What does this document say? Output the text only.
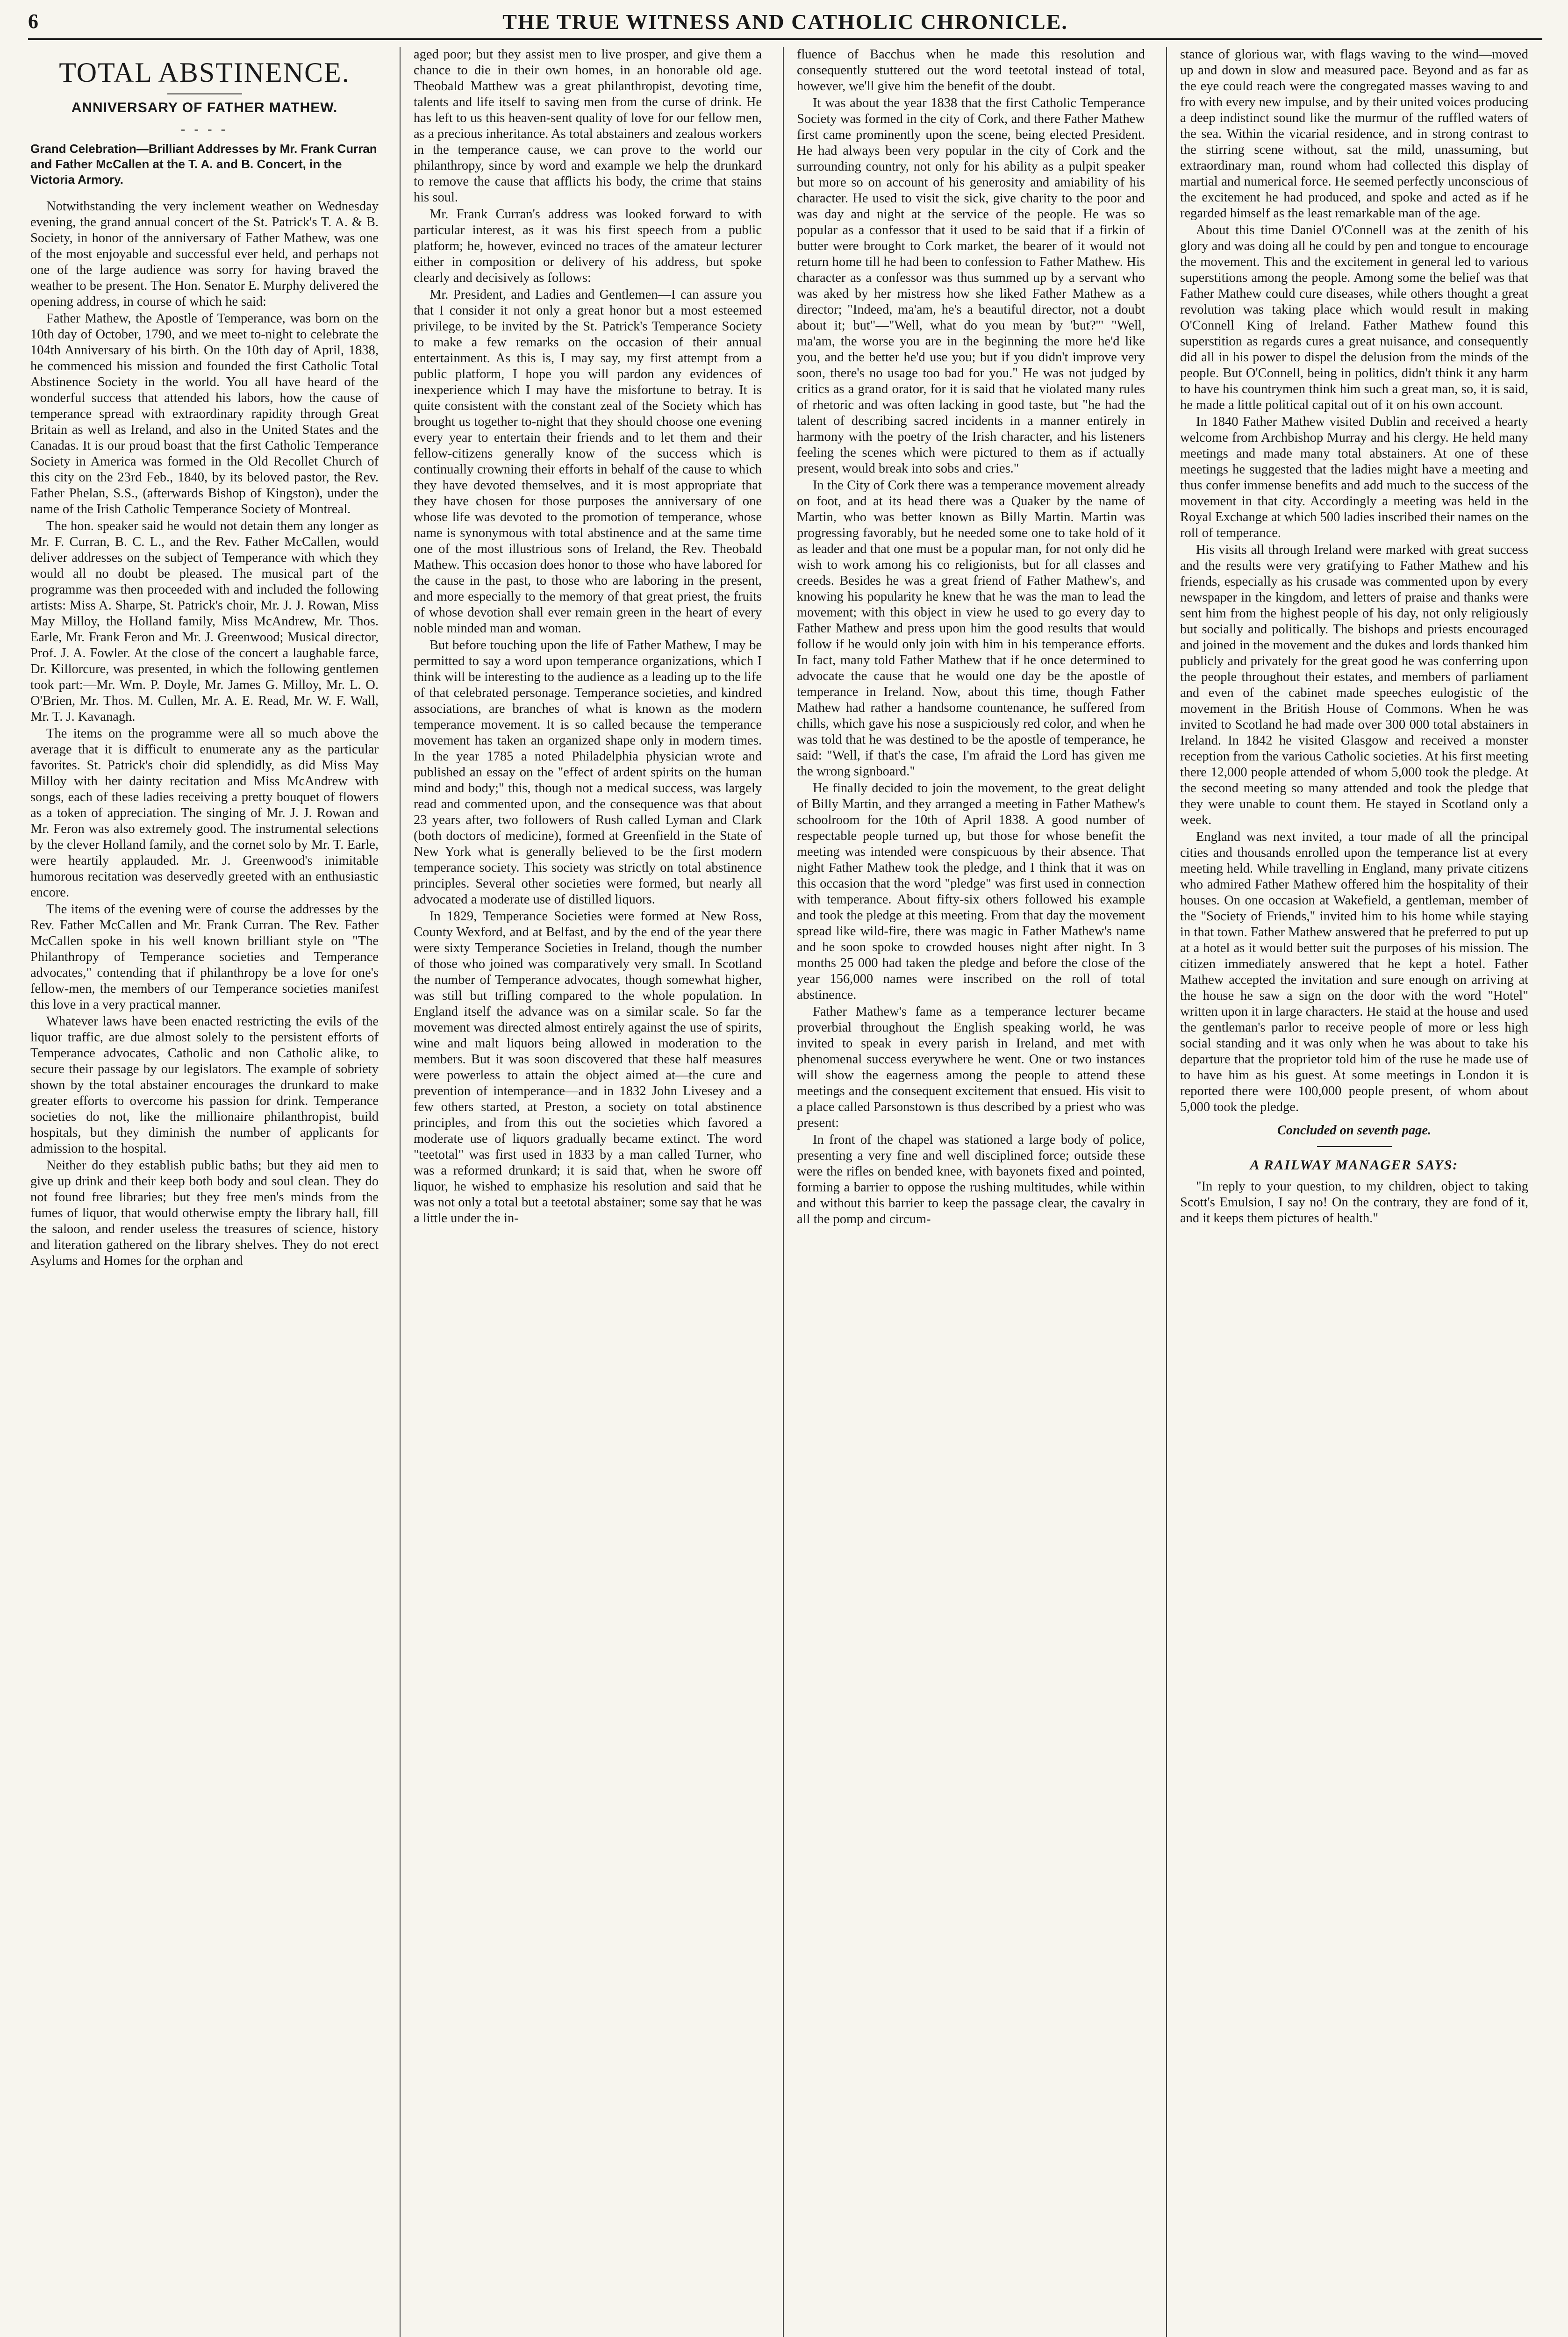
6	THE TRUE WITNESS AND CATHOLIC CHRONICLE.
TOTAL ABSTINENCE.
ANNIVERSARY OF FATHER MATHEW.
- - - -
Grand Celebration—Brilliant Addresses by Mr. Frank Curran and Father McCallen at the T. A. and B. Concert, in the Victoria Armory.

Notwithstanding the very inclement weather on Wednesday evening, the grand annual concert of the St. Patrick's T. A. & B. Society, in honor of the anniversary of Father Mathew, was one of the most enjoyable and successful ever held, and perhaps not one of the large audience was sorry for having braved the weather to be present. The Hon. Senator E. Murphy delivered the opening address, in course of which he said:

Father Mathew, the Apostle of Temperance, was born on the 10th day of October, 1790, and we meet to-night to celebrate the 104th Anniversary of his birth. On the 10th day of April, 1838, he commenced his mission and founded the first Catholic Total Abstinence Society in the world. You all have heard of the wonderful success that attended his labors, how the cause of temperance spread with extraordinary rapidity through Great Britain as well as Ireland, and also in the United States and the Canadas. It is our proud boast that the first Catholic Temperance Society in America was formed in the Old Recollet Church of this city on the 23rd Feb., 1840, by its beloved pastor, the Rev. Father Phelan, S.S., (afterwards Bishop of Kingston), under the name of the Irish Catholic Temperance Society of Montreal.

The hon. speaker said he would not detain them any longer as Mr. F. Curran, B. C. L., and the Rev. Father McCallen, would deliver addresses on the subject of Temperance with which they would all no doubt be pleased. The musical part of the programme was then proceeded with and included the following artists: Miss A. Sharpe, St. Patrick's choir, Mr. J. J. Rowan, Miss May Milloy, the Holland family, Miss McAndrew, Mr. Thos. Earle, Mr. Frank Feron and Mr. J. Greenwood; Musical director, Prof. J. A. Fowler. At the close of the concert a laughable farce, Dr. Killorcure, was presented, in which the following gentlemen took part:—Mr. Wm. P. Doyle, Mr. James G. Milloy, Mr. L. O. O'Brien, Mr. Thos. M. Cullen, Mr. A. E. Read, Mr. W. F. Wall, Mr. T. J. Kavanagh.

The items on the programme were all so much above the average that it is difficult to enumerate any as the particular favorites. St. Patrick's choir did splendidly, as did Miss May Milloy with her dainty recitation and Miss McAndrew with songs, each of these ladies receiving a pretty bouquet of flowers as a token of appreciation. The singing of Mr. J. J. Rowan and Mr. Feron was also extremely good. The instrumental selections by the clever Holland family, and the cornet solo by Mr. T. Earle, were heartily applauded. Mr. J. Greenwood's inimitable humorous recitation was deservedly greeted with an enthusiastic encore.

The items of the evening were of course the addresses by the Rev. Father McCallen and Mr. Frank Curran. The Rev. Father McCallen spoke in his well known brilliant style on "The Philanthropy of Temperance societies and Temperance advocates," contending that if philanthropy be a love for one's fellow-men, the members of our Temperance societies manifest this love in a very practical manner.

Whatever laws have been enacted restricting the evils of the liquor traffic, are due almost solely to the persistent efforts of Temperance advocates, Catholic and non Catholic alike, to secure their passage by our legislators. The example of sobriety shown by the total abstainer encourages the drunkard to make greater efforts to overcome his passion for drink. Temperance societies do not, like the millionaire philanthropist, build hospitals, but they diminish the number of applicants for admission to the hospital.

Neither do they establish public baths; but they aid men to give up drink and their keep both body and soul clean. They do not found free libraries; but they free men's minds from the fumes of liquor, that would otherwise empty the library hall, fill the saloon, and render useless the treasures of science, history and literation gathered on the library shelves. They do not erect Asylums and Homes for the orphan and

aged poor; but they assist men to live prosper, and give them a chance to die in their own homes, in an honorable old age. Theobald Matthew was a great philanthropist, devoting time, talents and life itself to saving men from the curse of drink. He has left to us this heaven-sent quality of love for our fellow men, as a precious inheritance. As total abstainers and zealous workers in the temperance cause, we can prove to the world our philanthropy, since by word and example we help the drunkard to remove the cause that afflicts his body, the crime that stains his soul.

Mr. Frank Curran's address was looked forward to with particular interest, as it was his first speech from a public platform; he, however, evinced no traces of the amateur lecturer either in composition or delivery of his address, but spoke clearly and decisively as follows:

Mr. President, and Ladies and Gentlemen—I can assure you that I consider it not only a great honor but a most esteemed privilege, to be invited by the St. Patrick's Temperance Society to make a few remarks on the occasion of their annual entertainment. As this is, I may say, my first attempt from a public platform, I hope you will pardon any evidences of inexperience which I may have the misfortune to betray. It is quite consistent with the constant zeal of the Society which has brought us together to-night that they should choose one evening every year to entertain their friends and to let them and their fellow-citizens generally know of the success which is continually crowning their efforts in behalf of the cause to which they have devoted themselves, and it is most appropriate that they have chosen for those purposes the anniversary of one whose life was devoted to the promotion of temperance, whose name is synonymous with total abstinence and at the same time one of the most illustrious sons of Ireland, the Rev. Theobald Mathew. This occasion does honor to those who have labored for the cause in the past, to those who are laboring in the present, and more especially to the memory of that great priest, the fruits of whose devotion shall ever remain green in the heart of every noble minded man and woman.

But before touching upon the life of Father Mathew, I may be permitted to say a word upon temperance organizations, which I think will be interesting to the audience as a leading up to the life of that celebrated personage. Temperance societies, and kindred associations, are branches of what is known as the modern temperance movement. It is so called because the temperance movement has taken an organized shape only in modern times. In the year 1785 a noted Philadelphia physician wrote and published an essay on the "effect of ardent spirits on the human mind and body;" this, though not a medical success, was largely read and commented upon, and the consequence was that about 23 years after, two followers of Rush called Lyman and Clark (both doctors of medicine), formed at Greenfield in the State of New York what is generally believed to be the first modern temperance society. This society was strictly on total abstinence principles. Several other societies were formed, but nearly all advocated a moderate use of distilled liquors.

In 1829, Temperance Societies were formed at New Ross, County Wexford, and at Belfast, and by the end of the year there were sixty Temperance Societies in Ireland, though the number of those who joined was comparatively very small. In Scotland the number of Temperance advocates, though somewhat higher, was still but trifling compared to the whole population. In England itself the advance was on a similar scale. So far the movement was directed almost entirely against the use of spirits, wine and malt liquors being allowed in moderation to the members. But it was soon discovered that these half measures were powerless to attain the object aimed at—the cure and prevention of intemperance—and in 1832 John Livesey and a few others started, at Preston, a society on total abstinence principles, and from this out the societies which favored a moderate use of liquors gradually became extinct. The word "teetotal" was first used in 1833 by a man called Turner, who was a reformed drunkard; it is said that, when he swore off liquor, he wished to emphasize his resolution and said that he was not only a total but a teetotal abstainer; some say that he was a little under the in-

fluence of Bacchus when he made this resolution and consequently stuttered out the word teetotal instead of total, however, we'll give him the benefit of the doubt.

It was about the year 1838 that the first Catholic Temperance Society was formed in the city of Cork, and there Father Mathew first came prominently upon the scene, being elected President. He had always been very popular in the city of Cork and the surrounding country, not only for his ability as a pulpit speaker but more so on account of his generosity and amiability of his character. He used to visit the sick, give charity to the poor and was day and night at the service of the people. He was so popular as a confessor that it used to be said that if a firkin of butter were brought to Cork market, the bearer of it would not return home till he had been to confession to Father Mathew. His character as a confessor was thus summed up by a servant who was aked by her mistress how she liked Father Mathew as a director; "Indeed, ma'am, he's a beautiful director, not a doubt about it; but"—"Well, what do you mean by 'but?'" "Well, ma'am, the worse you are in the beginning the more he'd like you, and the better he'd use you; but if you didn't improve very soon, there's no usage too bad for you." He was not judged by critics as a grand orator, for it is said that he violated many rules of rhetoric and was often lacking in good taste, but "he had the talent of describing sacred incidents in a manner entirely in harmony with the poetry of the Irish character, and his listeners feeling the scenes which were pictured to them as if actually present, would break into sobs and cries."

In the City of Cork there was a temperance movement already on foot, and at its head there was a Quaker by the name of Martin, who was better known as Billy Martin. Martin was progressing favorably, but he needed some one to take hold of it as leader and that one must be a popular man, for not only did he wish to work among his co religionists, but for all classes and creeds. Besides he was a great friend of Father Mathew's, and knowing his popularity he knew that he was the man to lead the movement; with this object in view he used to go every day to Father Mathew and press upon him the good results that would follow if he would only join with him in his temperance efforts. In fact, many told Father Mathew that if he once determined to advocate the cause that he would one day be the apostle of temperance in Ireland. Now, about this time, though Father Mathew had rather a handsome countenance, he suffered from chills, which gave his nose a suspiciously red color, and when he was told that he was destined to be the apostle of temperance, he said: "Well, if that's the case, I'm afraid the Lord has given me the wrong signboard."

He finally decided to join the movement, to the great delight of Billy Martin, and they arranged a meeting in Father Mathew's schoolroom for the 10th of April 1838. A good number of respectable people turned up, but those for whose benefit the meeting was intended were conspicuous by their absence. That night Father Mathew took the pledge, and I think that it was on this occasion that the word "pledge" was first used in connection with temperance. About fifty-six others followed his example and took the pledge at this meeting. From that day the movement spread like wild-fire, there was magic in Father Mathew's name and he soon spoke to crowded houses night after night. In 3 months 25 000 had taken the pledge and before the close of the year 156,000 names were inscribed on the roll of total abstinence.

Father Mathew's fame as a temperance lecturer became proverbial throughout the English speaking world, he was invited to speak in every parish in Ireland, and met with phenomenal success everywhere he went. One or two instances will show the eagerness among the people to attend these meetings and the consequent excitement that ensued. His visit to a place called Parsonstown is thus described by a priest who was present:

In front of the chapel was stationed a large body of police, presenting a very fine and well disciplined force; outside these were the rifles on bended knee, with bayonets fixed and pointed, forming a barrier to oppose the rushing multitudes, while within and without this barrier to keep the passage clear, the cavalry in all the pomp and circum-

stance of glorious war, with flags waving to the wind—moved up and down in slow and measured pace. Beyond and as far as the eye could reach were the congregated masses waving to and fro with every new impulse, and by their united voices producing a deep indistinct sound like the murmur of the ruffled waters of the sea. Within the vicarial residence, and in strong contrast to the stirring scene without, sat the mild, unassuming, but extraordinary man, round whom had collected this display of martial and numerical force. He seemed perfectly unconscious of the excitement he had produced, and spoke and acted as if he regarded himself as the least remarkable man of the age.

About this time Daniel O'Connell was at the zenith of his glory and was doing all he could by pen and tongue to encourage the movement. This and the excitement in general led to various superstitions among the people. Among some the belief was that Father Mathew could cure diseases, while others thought a great revolution was taking place which would result in making O'Connell King of Ireland. Father Mathew found this superstition as regards cures a great nuisance, and consequently did all in his power to dispel the delusion from the minds of the people. But O'Connell, being in politics, didn't think it any harm to have his countrymen think him such a great man, so, it is said, he made a little political capital out of it on his own account.

In 1840 Father Mathew visited Dublin and received a hearty welcome from Archbishop Murray and his clergy. He held many meetings and made many total abstainers. At one of these meetings he suggested that the ladies might have a meeting and thus confer immense benefits and add much to the success of the movement in that city. Accordingly a meeting was held in the Royal Exchange at which 500 ladies inscribed their names on the roll of temperance.

His visits all through Ireland were marked with great success and the results were very gratifying to Father Mathew and his friends, especially as his crusade was commented upon by every newspaper in the kingdom, and letters of praise and thanks were sent him from the highest people of his day, not only religiously but socially and politically. The bishops and priests encouraged and joined in the movement and the dukes and lords thanked him publicly and privately for the great good he was conferring upon the people throughout their estates, and members of parliament and even of the cabinet made speeches eulogistic of the movement in the British House of Commons. When he was invited to Scotland he had made over 300 000 total abstainers in Ireland. In 1842 he visited Glasgow and received a monster reception from the various Catholic societies. At his first meeting there 12,000 people attended of whom 5,000 took the pledge. At the second meeting so many attended and took the pledge that they were unable to count them. He stayed in Scotland only a week.

England was next invited, a tour made of all the principal cities and thousands enrolled upon the temperance list at every meeting held. While travelling in England, many private citizens who admired Father Mathew offered him the hospitality of their houses. On one occasion at Wakefield, a gentleman, member of the "Society of Friends," invited him to his home while staying in that town. Father Mathew answered that he preferred to put up at a hotel as it would better suit the purposes of his mission. The citizen immediately answered that he kept a hotel. Father Mathew accepted the invitation and sure enough on arriving at the house he saw a sign on the door with the word "Hotel" written upon it in large characters. He staid at the house and used the gentleman's parlor to receive people of more or less high social standing and it was only when he was about to take his departure that the proprietor told him of the ruse he made use of to have him as his guest. At some meetings in London it is reported there were 100,000 people present, of whom about 5,000 took the pledge.

Concluded on seventh page.
A RAILWAY MANAGER SAYS:

"In reply to your question, to my children, object to taking Scott's Emulsion, I say no! On the contrary, they are fond of it, and it keeps them pictures of health."
